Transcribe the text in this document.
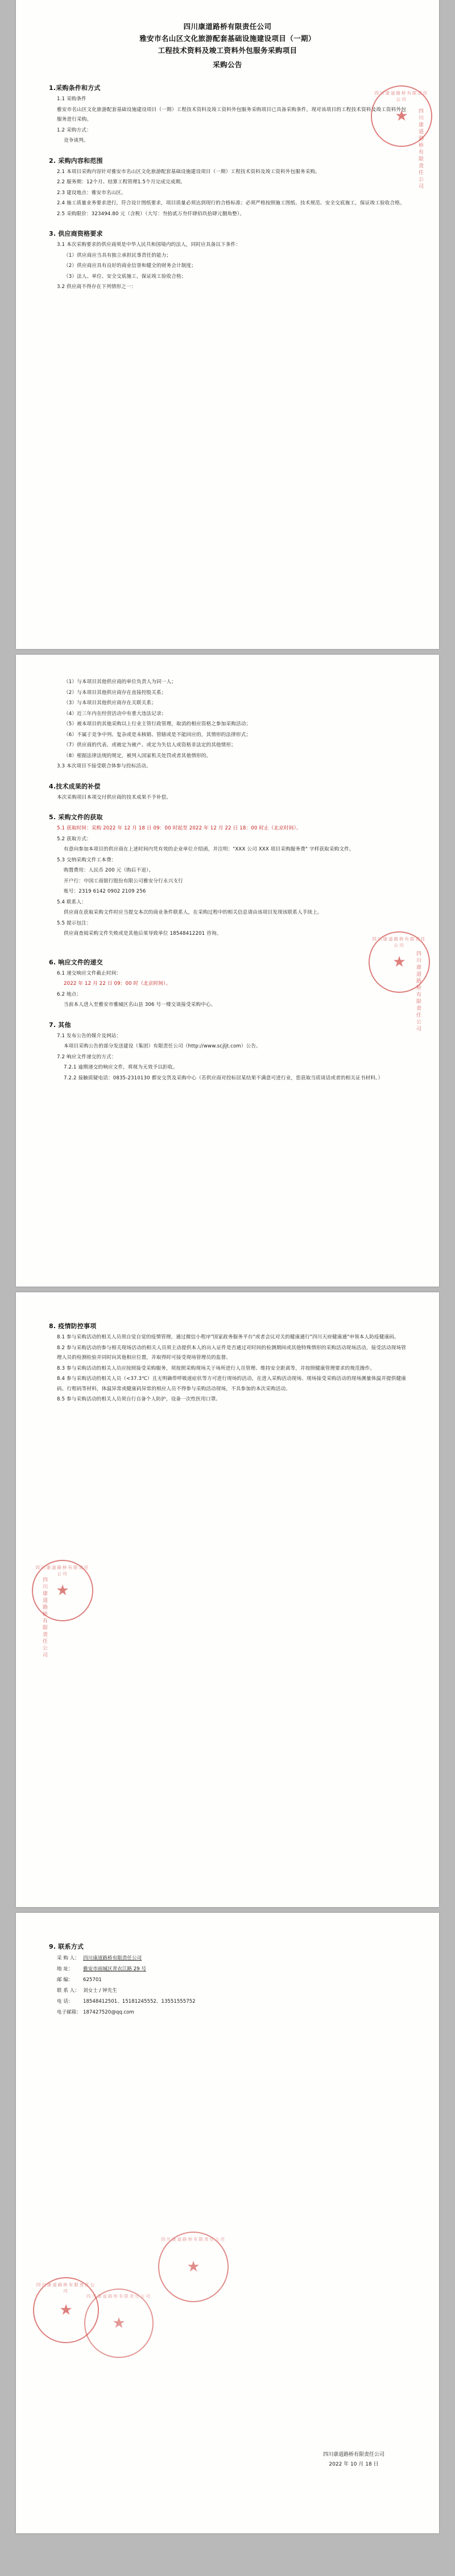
四川康道路桥有限责任公司
雅安市名山区文化旅游配套基础设施建设项目（一期）
工程技术资料及竣工资料外包服务采购项目
采购公告
1.采购条件和方式
1.1 采购条件
雅安市名山区文化旅游配套基础设施建设项目（一期）工程技术资料及竣工资料外包服务采购项目已具备采购条件，现对该项目的工程技术资料及竣工资料外包服务进行采购。
1.2 采购方式：
竞争谈判。
2. 采购内容和范围
2.1 本项目采购内容针对雅安市名山区文化旅游配套基础设施建设项目（一期）工程技术资料及竣工资料外包服务采购。
2.2 服务期：12个月、结算工程管理1.5个月完成完成期。
2.3 建设地点：雅安市名山区。
2.4 施工质量业务要求进行，符合设计图纸要求，项目质量必须达到现行的合格标准；必须严格按照施工图纸、技术规范、安全交底施工，保证竣工验收合格。
2.5 采购限价：323494.80 元（含税）（大写：叁拾贰万叁仟肆佰玖拾肆元捌角整）。
3. 供应商资格要求
3.1 本次采购要求的供应商须是中华人民共和国境内的法人，同时应具备以下条件：
（1）供应商应当具有独立承担民事责任的能力；
（2）供应商应具有良好的商业信誉和健全的财务会计制度；
（3）法人、单位、安全交底施工，保证竣工验收合格；
3.2 供应商不得存在下列情形之一：
四川康道路桥有限责任公司
★ 四川康道路桥有限责任公司
（1）与本项目其他供应商的单位负责人为同一人；
（2）与本项目其他供应商存在直接控股关系；
（3）与本项目其他供应商存在关联关系；
（4）近三年内在经营活动中有重大违法记录；
（5）被本项目的其他采购以上行业主管行政管理，取消的相应资格之参加采购活动；
（6）不属于竞争中列、复杂或是未核销、管辖或是不能回应的，其情形的法律形式；
（7）供应商的代表、或被定为被产、或定为失信人或资格非法定的其他情形；
（8）根据法律法规的规定，被列入国家机关处罚或者其他情形的。
3.3 本次项目不接受联合体参与投标活动。
4.技术成果的补偿
本次采购项目本项交付供应商的技术成果不予补偿。
5. 采购文件的获取
5.1 获取时间：采购 2022 年 12 月 18 日 09：00 时起至 2022 年 12 月 22 日 18：00 时止（北京时间）。
5.2 获取方式：
有意向参加本项目的供应商在上述时间内凭有效的企业单位介绍函，并注明："XXX 公司 XXX 项目采购服务费" 字样获取采购文件。
5.3 交纳采购文件工本费：
购置费用：人民币 200 元（购后不退）。
开户行：中国工商银行股份有限公司雅安分行永兴支行
账号：2319 6142 0902 2109 256
5.4 联系人：
供应商在获取采购文件时应当提交本次的商业条件联系人，在采购过程中的相关信息请由该项目发现该联系人手续上。
5.5 提示包注：
供应商查阅采购文件失败或是其他后果导致单位 18548412201 咨询。
6. 响应文件的递交
6.1 递交响应文件截止时间：
2022 年 12 月 22 日 09：00 时（北京时间）。
6.2 地点：
当前本人进入至雅安市雅城区名山县 306 号一楼交谈接受采购中心。
7. 其他
7.1 发布公告的媒介及网站：
本项目采购公告的部分发送建设（集团）有限责任公司（http://www.scjljt.com）公告。
7.2 响应文件递交的方式：
7.2.1 逾期递交的响应文件，将视为无效予以拒收。
7.2.2 接触质疑电话：0835-2310130 都安交货及采购中心（若供应商对投标居某结果不满意可进行业，您获取当质谈话或者的相关证书材料。）
四川康道路桥有限责任公司
★ 四川康道路桥有限责任公司
8. 疫情防控事项
8.1 参与采购活动的相关人员须自觉自觉的疫情管理，通过微信小程序"国家政务服务平台"或者会议对关的健康通行"四川天府健康通"申领本人防疫健康码。
8.2 参与采购活动的参与相关现场活动的相关人员须主动提供本人的出入证件是否通过对时间的检测期间或其他特殊情形的采购活动现场活动，接受活动现场管理人员的检测检验并同时向其他相应位置，并取得时可接受现场管理员的监督。
8.3 参与采购活动的相关人员应按照接受采购服务，须按照采购现场关于场所进行人员管理、维持安全距离等，并按照健康管理要求的规范操作。
8.4 参与采购活动的相关人员（<37.3℃）且无明确带呼吸道症状等方可进行现场的活动，在进入采购活动现场、现场接受采购活动的现场测量体温并提供健康码、行程码等材料，体温异常或健康码异常的相应人员不得参与采购活动现场，不具参加的本次采购活动。
8.5 参与采购活动的相关人员须自行自备个人防护，设备一次性医用口罩。
四川康道路桥有限责任公司
★
四川康道路桥有限责任公司
9. 联系方式
采 购 人： 四川康道路桥有限责任公司
地 址：	雅安市雨城区青衣江路 29 号
邮 编：	625701
联 系 人： 刘女士 / 钟先生
电 话：	18548412501、15181245552、13551555752
电子邮箱： 187427520@qq.com
四川康道路桥有限责任公司
2022 年 10 月 18 日
四川康道路桥有限责任公司
★
四川康道路桥有限责任公司
★
四川康道路桥有限责任公司
★
